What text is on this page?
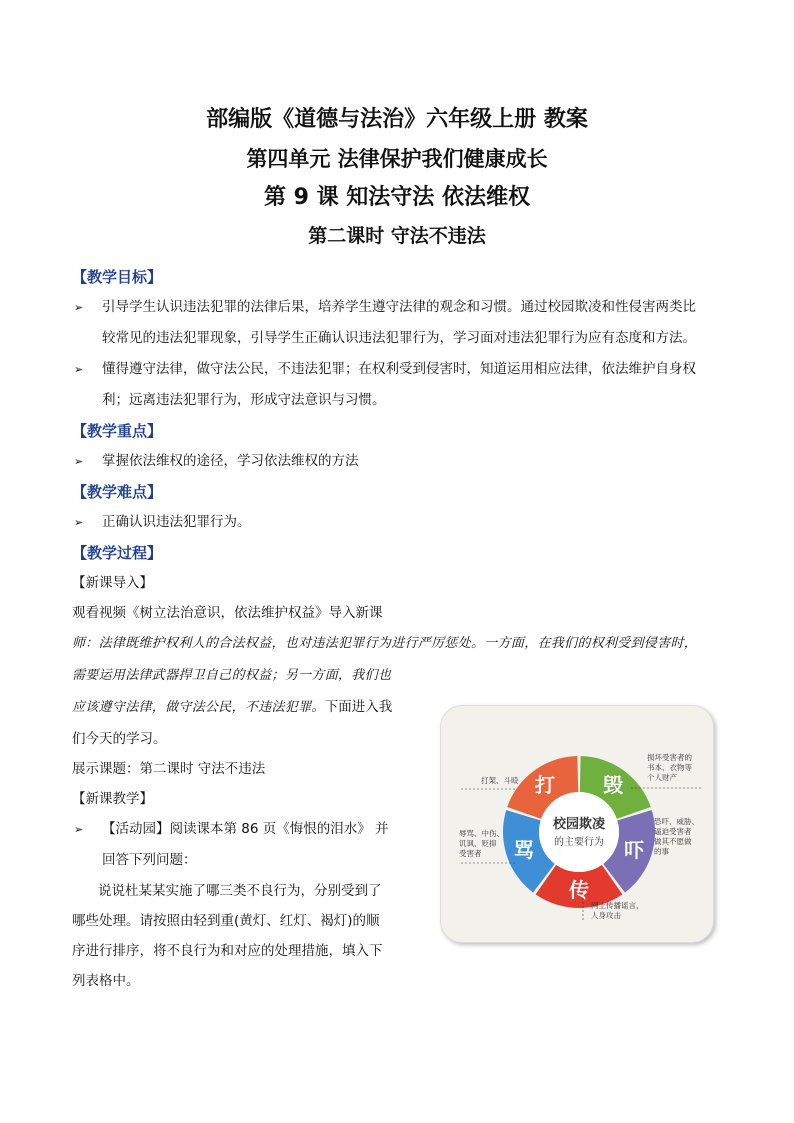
部编版《道德与法治》六年级上册 教案
第四单元 法律保护我们健康成长
第 9 课 知法守法 依法维权
第二课时 守法不违法
【教学目标】
➢ 引导学生认识违法犯罪的法律后果，培养学生遵守法律的观念和习惯。通过校园欺凌和性侵害两类比
较常见的违法犯罪现象，引导学生正确认识违法犯罪行为，学习面对违法犯罪行为应有态度和方法。
➢ 懂得遵守法律，做守法公民，不违法犯罪；在权利受到侵害时，知道运用相应法律，依法维护自身权
利；远离违法犯罪行为，形成守法意识与习惯。
【教学重点】
➢ 掌握依法维权的途径，学习依法维权的方法
【教学难点】
➢ 正确认识违法犯罪行为。
【教学过程】
【新课导入】
观看视频《树立法治意识，依法维护权益》导入新课
师：法律既维护权利人的合法权益，也对违法犯罪行为进行严厉惩处。一方面，在我们的权利受到侵害时，
需要运用法律武器捍卫自己的权益；另一方面，我们也
应该遵守法律，做守法公民，不违法犯罪。下面进入我
们今天的学习。
展示课题：第二课时 守法不违法
【新课教学】
➢ 【活动园】阅读课本第 86 页《悔恨的泪水》 并
回答下列问题：
说说杜某某实施了哪三类不良行为，分别受到了
哪些处理。请按照由轻到重(黄灯、红灯、褐灯)的顺
序进行排序，将不良行为和对应的处理措施，填入下
列表格中。
校园欺凌
的主要行为
打 毁
吓
传
骂
打架、斗殴
损坏受害者的
书本、衣物等
个人财产
恐吓、威胁、
逼迫受害者
做其不愿做
的事
辱骂、中伤、
讥讽、贬抑
受害者
网上传播谣言，
人身攻击
